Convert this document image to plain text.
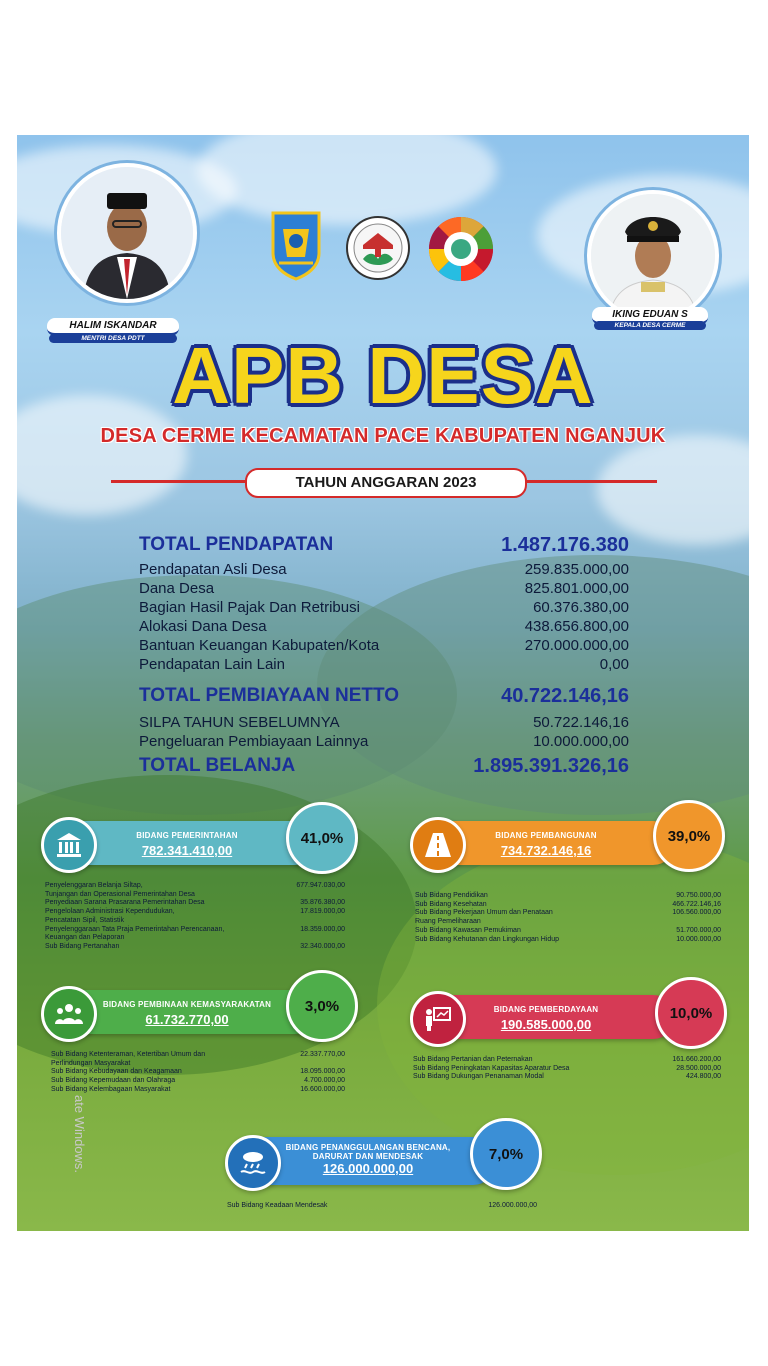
HALIM ISKANDAR
MENTRI DESA PDTT
IKING EDUAN S
KEPALA DESA CERME
APB DESA
DESA CERME KECAMATAN PACE KABUPATEN NGANJUK
TAHUN ANGGARAN 2023
TOTAL PENDAPATAN	1.487.176.380
Pendapatan Asli Desa	259.835.000,00
Dana Desa	825.801.000,00
Bagian Hasil Pajak Dan Retribusi	60.376.380,00
Alokasi Dana Desa	438.656.800,00
Bantuan Keuangan Kabupaten/Kota	270.000.000,00
Pendapatan Lain Lain	0,00
TOTAL PEMBIAYAAN NETTO	40.722.146,16
SILPA TAHUN SEBELUMNYA	50.722.146,16
Pengeluaran Pembiayaan Lainnya	10.000.000,00
TOTAL BELANJA	1.895.391.326,16
BIDANG PEMERINTAHAN
782.341.410,00
41,0%
Penyelenggaran Belanja Siltap,	677.947.030,00
Tunjangan dan Operasional Pemerintahan Desa
Penyediaan Sarana Prasarana Pemerintahan Desa	35.876.380,00
Pengelolaan Administrasi Kependudukan,	17.819.000,00
Pencatatan Sipil, Statistik
Penyelenggaraan Tata Praja Pemerintahan Perencanaan,	18.359.000,00
Keuangan dan Pelaporan
Sub Bidang Pertanahan	32.340.000,00
BIDANG PEMBANGUNAN
734.732.146,16
39,0%
Sub Bidang Pendidikan	90.750.000,00
Sub Bidang Kesehatan	466.722.146,16
Sub Bidang Pekerjaan Umum dan Penataan	106.560.000,00
Ruang Pemeliharaan
Sub Bidang Kawasan Pemukiman	51.700.000,00
Sub Bidang Kehutanan dan Lingkungan Hidup	10.000.000,00
BIDANG PEMBINAAN KEMASYARAKATAN
61.732.770,00
3,0%
Sub Bidang Ketenteraman, Ketertiban Umum dan	22.337.770,00
Perlindungan Masyarakat
Sub Bidang Kebudayaan dan Keagamaan	18.095.000,00
Sub Bidang Kepemudaan dan Olahraga	4.700.000,00
Sub Bidang Kelembagaan Masyarakat	16.600.000,00
BIDANG PEMBERDAYAAN
190.585.000,00
10,0%
Sub Bidang Pertanian dan Peternakan	161.660.200,00
Sub Bidang Peningkatan Kapasitas Aparatur Desa	28.500.000,00
Sub Bidang Dukungan Penanaman Modal	424.800,00
BIDANG PENANGGULANGAN BENCANA,
DARURAT DAN MENDESAK
126.000.000,00
7,0%
Sub Bidang Keadaan Mendesak	126.000.000,00
ate Windows.
